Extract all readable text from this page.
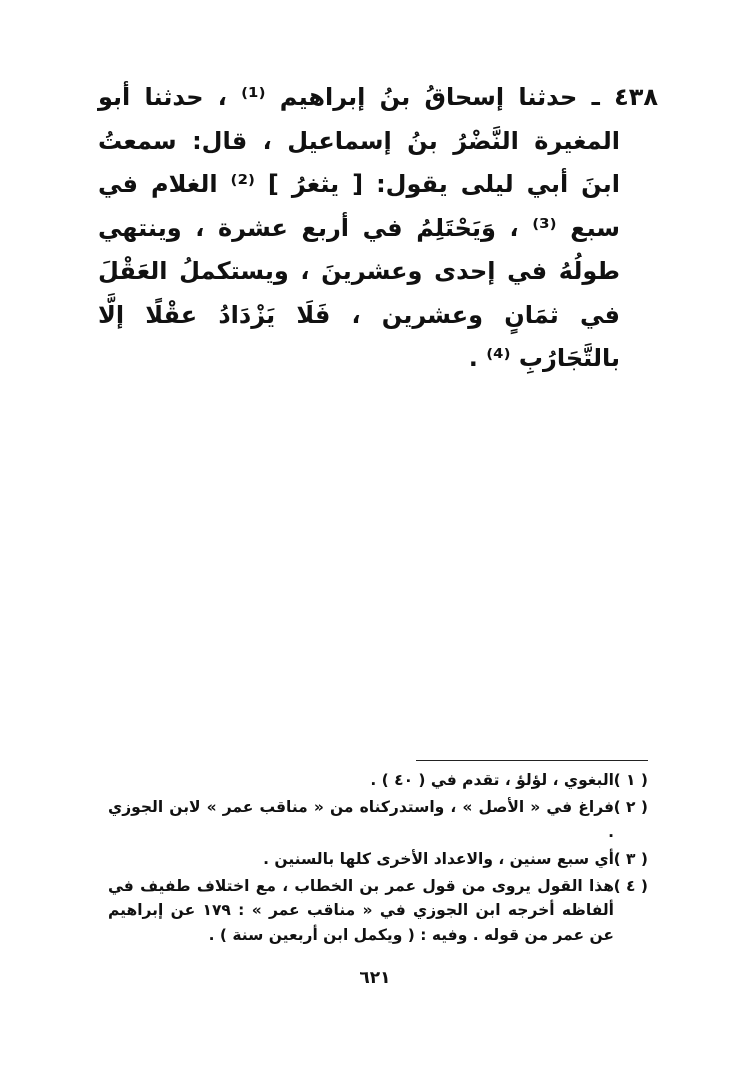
٤٣٨ ـ حدثنا إسحاقُ بنُ إبراهيم ⁽¹⁾ ، حدثنا أبو المغيرة النَّضْرُ بنُ إسماعيل ، قال: سمعتُ ابنَ أبي ليلى يقول: [ يثغرُ ] ⁽²⁾ الغلام في سبع ⁽³⁾ ، وَيَحْتَلِمُ في أربع عشرة ، وينتهي طولُهُ في إحدى وعشرينَ ، ويستكملُ العَقْلَ في ثمَانٍ وعشرين ، فَلَا يَزْدَادُ عقْلًا إلَّا بالتَّجَارُبِ ⁽⁴⁾ .

( ١ )
البغوي ، لؤلؤ ، تقدم في ( ٤٠ ) .
( ٢ )
فراغ في « الأصل » ، واستدركناه من « مناقب عمر » لابن الجوزي .
( ٣ )
أي سبع سنين ، والاعداد الأخرى كلها بالسنين .
( ٤ )
هذا القول يروى من قول عمر بن الخطاب ، مع اختلاف طفيف في ألفاظه أخرجه ابن الجوزي في « مناقب عمر » : ١٧٩ عن إبراهيم عن عمر من قوله . وفيه : ( ويكمل ابن أربعين سنة ) .
٦٢١
